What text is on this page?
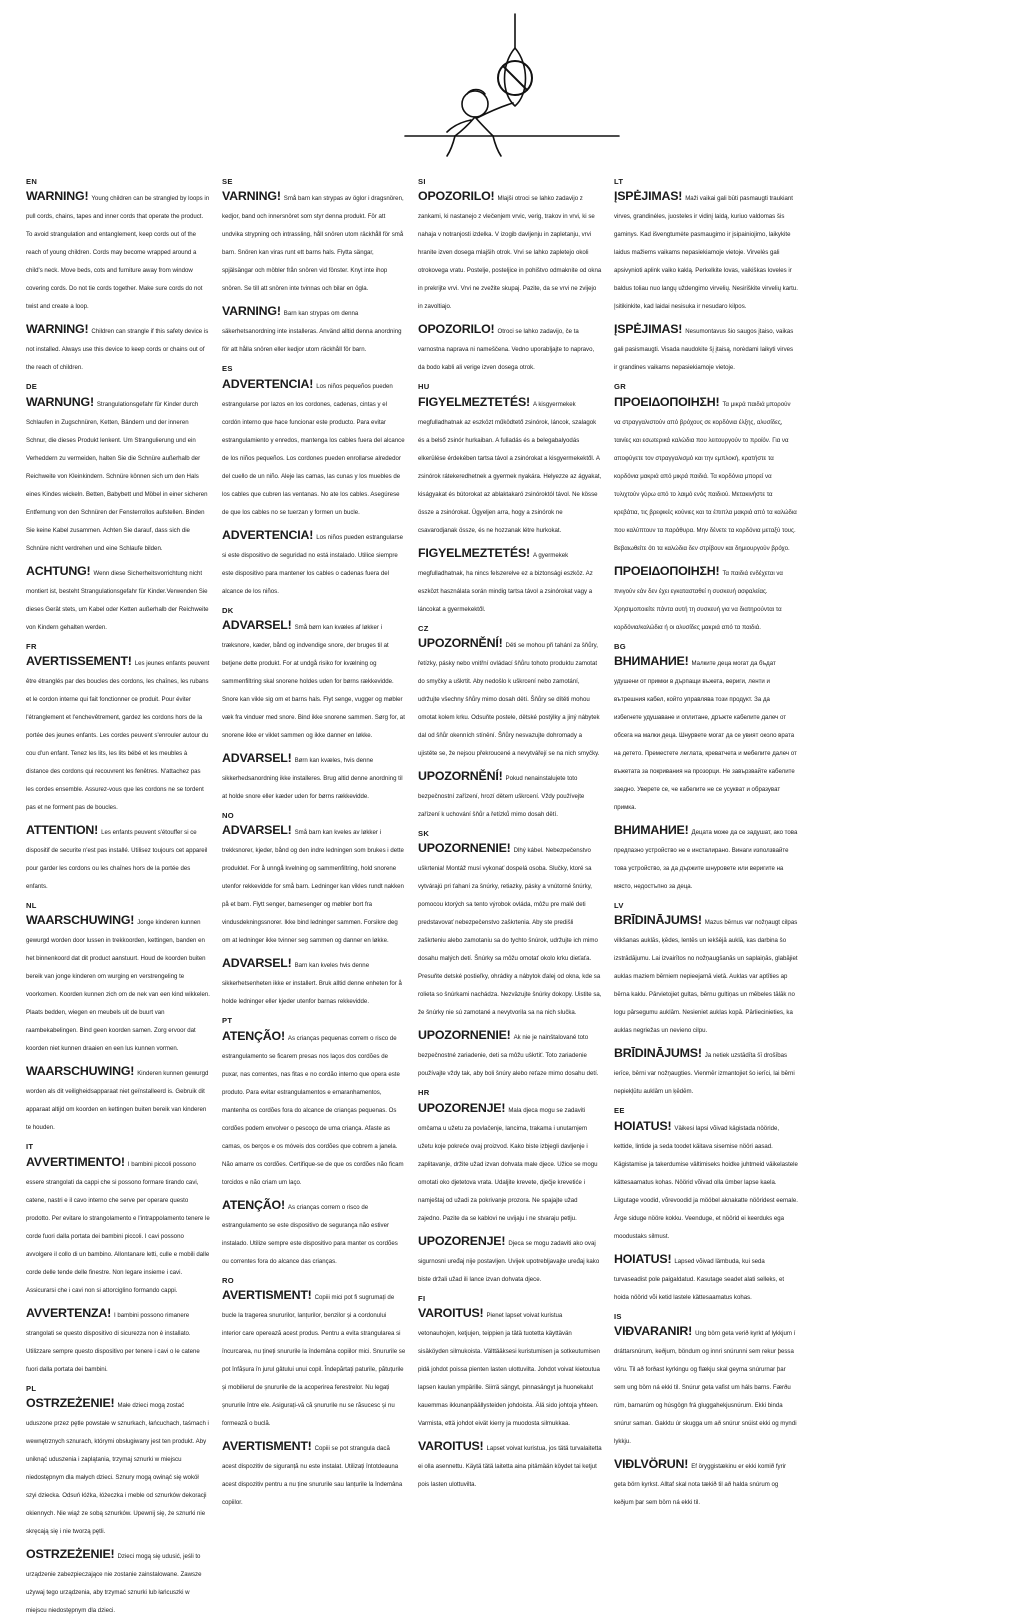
EN
WARNING! Young children can be strangled by loops in pull cords, chains, tapes and inner cords that operate the product. To avoid strangulation and entanglement, keep cords out of the reach of young children. Cords may become wrapped around a child's neck. Move beds, cots and furniture away from window covering cords. Do not tie cords together. Make sure cords do not twist and create a loop.
WARNING! Children can strangle if this safety device is not installed. Always use this device to keep cords or chains out of the reach of children.
DE
WARNUNG! Strangulationsgefahr für Kinder durch Schlaufen in Zugschnüren, Ketten, Bändern und der inneren Schnur, die dieses Produkt lenkent. Um Strangulierung und ein Verheddern zu vermeiden, halten Sie die Schnüre außerhalb der Reichweite von Kleinkindern. Schnüre können sich um den Hals eines Kindes wickeln. Betten, Babybett und Möbel in einer sicheren Entfernung von den Schnüren der Fensterrollos aufstellen. Binden Sie keine Kabel zusammen. Achten Sie darauf, dass sich die Schnüre nicht verdrehen und eine Schlaufe bilden.
ACHTUNG! Wenn diese Sicherheitsvorrichtung nicht montiert ist, besteht Strangulationsgefahr für Kinder.Verwenden Sie dieses Gerät stets, um Kabel oder Ketten außerhalb der Reichweite von Kindern gehalten werden.
FR
AVERTISSEMENT! Les jeunes enfants peuvent être étranglés par des boucles des cordons, les chaînes, les rubans et le cordon interne qui fait fonctionner ce produit. Pour éviter l'étranglement et l'enchevêtrement, gardez les cordons hors de la portée des jeunes enfants. Les cordes peuvent s'enrouler autour du cou d'un enfant. Tenez les lits, les lits bébé et les meubles à distance des cordons qui recouvrent les fenêtres. N'attachez pas les cordes ensemble. Assurez-vous que les cordons ne se tordent pas et ne forment pas de boucles.
ATTENTION! Les enfants peuvent s'étouffer si ce dispositif de securite n'est pas installé. Utilisez toujours cet appareil pour garder les cordons ou les chaînes hors de la portée des enfants.
NL
WAARSCHUWING! Jonge kinderen kunnen gewurgd worden door lussen in trekkoorden, kettingen, banden en het binnenkoord dat dit product aanstuurt. Houd de koorden buiten bereik van jonge kinderen om wurging en verstrengeling te voorkomen. Koorden kunnen zich om de nek van een kind wikkelen. Plaats bedden, wiegen en meubels uit de buurt van raambekabelingen. Bind geen koorden samen. Zorg ervoor dat koorden niet kunnen draaien en een lus kunnen vormen.
WAARSCHUWING! Kinderen kunnen gewurgd worden als dit veiligheidsapparaat niet geïnstalleerd is. Gebruik dit apparaat altijd om koorden en kettingen buiten bereik van kinderen te houden.
IT
AVVERTIMENTO! I bambini piccoli possono essere strangolati da cappi che si possono formare tirando cavi, catene, nastri e il cavo interno che serve per operare questo prodotto. Per evitare lo strangolamento e l'intrappolamento tenere le corde fuori dalla portata dei bambini piccoli. I cavi possono avvolgere il collo di un bambino. Allontanare letti, culle e mobili dalle corde delle tende delle finestre. Non legare insieme i cavi. Assicurarsi che i cavi non si attorciglino formando cappi.
AVVERTENZA! I bambini possono rimanere strangolati se questo dispositivo di sicurezza non è installato. Utilizzare sempre questo dispositivo per tenere i cavi o le catene fuori dalla portata dei bambini.
PL
OSTRZEŻENIE! Małe dzieci mogą zostać uduszone przez pętle powstałe w sznurkach, łańcuchach, taśmach i wewnętrznych sznurach, którymi obsługiwany jest ten produkt. Aby uniknąć uduszenia i zaplątania, trzymaj sznurki w miejscu niedostępnym dla małych dzieci. Sznury mogą owinąć się wokół szyi dziecka. Odsuń łóżka, łóżeczka i meble od sznurków dekoracji okiennych. Nie wiąż ze sobą sznurków. Upewnij się, że sznurki nie skręcają się i nie tworzą pętli.
OSTRZEŻENIE! Dzieci mogą się udusić, jeśli to urządzenie zabezpieczające nie zostanie zainstalowane. Zawsze używaj tego urządzenia, aby trzymać sznurki lub łańcuszki w miejscu niedostępnym dla dzieci.
SE
VARNING! Små barn kan strypas av öglor i dragsnören, kedjor, band och innersnöret som styr denna produkt. För att undvika strypning och intrassling, håll snören utom räckhåll för små barn. Snören kan viras runt ett barns hals. Flytta sängar, spjälsängar och möbler från snören vid fönster. Knyt inte ihop snören. Se till att snören inte tvinnas och bilar en ögla.
VARNING! Barn kan strypas om denna säkerhetsanordning inte installeras. Använd alltid denna anordning för att hålla snören eller kedjor utom räckhåll för barn.
ES
ADVERTENCIA! Los niños pequeños pueden estrangularse por lazos en los cordones, cadenas, cintas y el cordón interno que hace funcionar este producto. Para evitar estrangulamiento y enredos, mantenga los cables fuera del alcance de los niños pequeños. Los cordones pueden enrollarse alrededor del cuello de un niño. Aleje las camas, las cunas y los muebles de los cables que cubren las ventanas. No ate los cables. Asegúrese de que los cables no se tuerzan y formen un bucle.
ADVERTENCIA! Los niños pueden estrangularse si este dispositivo de seguridad no está instalado. Utilice siempre este dispositivo para mantener los cables o cadenas fuera del alcance de los niños.
DK
ADVARSEL! Små børn kan kvæles af løkker i træksnore, kæder, bånd og indvendige snore, der bruges til at betjene dette produkt. For at undgå risiko for kvælning og sammenfiltring skal snorene holdes uden for børns rækkevidde. Snore kan vikle sig om et barns hals. Flyt senge, vugger og møbler væk fra vinduer med snore. Bind ikke snorene sammen. Sørg for, at snorene ikke er viklet sammen og ikke danner en løkke.
ADVARSEL! Børn kan kvæles, hvis denne sikkerhedsanordning ikke installeres. Brug altid denne anordning til at holde snore eller kæder uden for børns rækkevidde.
NO
ADVARSEL! Små barn kan kveles av løkker i trekksnorer, kjeder, bånd og den indre ledningen som brukes i dette produktet. For å unngå kvelning og sammenfiltring, hold snorene utenfor rekkevidde for små barn. Ledninger kan vikles rundt nakken på et barn. Flytt senger, barnesenger og møbler bort fra vindusdekningssnorer. Ikke bind ledninger sammen. Forsikre deg om at ledninger ikke tvinner seg sammen og danner en løkke.
ADVARSEL! Barn kan kveles hvis denne sikkerhetsenheten ikke er installert. Bruk alltid denne enheten for å holde ledninger eller kjeder utenfor barnas rekkevidde.
PT
ATENÇÃO! As crianças pequenas correm o risco de estrangulamento se ficarem presas nos laços dos cordões de puxar, nas correntes, nas fitas e no cordão interno que opera este produto. Para evitar estrangulamentos e emaranhamentos, mantenha os cordões fora do alcance de crianças pequenas. Os cordões podem envolver o pescoço de uma criança. Afaste as camas, os berços e os móveis dos cordões que cobrem a janela. Não amarre os cordões. Certifique-se de que os cordões não ficam torcidos e não criam um laço.
ATENÇÃO! As crianças correm o risco de estrangulamento se este dispositivo de segurança não estiver instalado. Utilize sempre este dispositivo para manter os cordões ou correntes fora do alcance das crianças.
RO
AVERTISMENT! Copiii mici pot fi sugrumați de bucle la tragerea snururilor, lanțurilor, benzilor și a cordonului interior care operează acest produs. Pentru a evita strangularea si încurcarea, nu țineți snururile la îndemâna copiilor mici. Snururile se pot înfășura în jurul gâtului unui copil. Îndepărtați paturile, pătuțurile și mobilierul de șnururile de la acoperirea ferestrelor. Nu legați șnururile între ele. Asigurați-vă că șnururile nu se răsucesc și nu formează o buclă.
AVERTISMENT! Copiii se pot strangula dacă acest dispozitiv de siguranță nu este instalat. Utilizați întotdeauna acest dispozitiv pentru a nu ține snururile sau lanțurile la îndemâna copiilor.
SI
OPOZORILO! Mlajši otroci se lahko zadavijo z zankami, ki nastanejo z vlečenjem vrvic, verig, trakov in vrvi, ki se nahaja v notranjosti izdelka. V izogib davljenju in zapletanju, vrvi hranite izven dosega mlajših otrok. Vrvi se lahko zapletejo okoli otrokovega vratu. Postelje, posteljice in pohištvo odmaknite od okna in prekrijte vrvi. Vrvi ne zvežite skupaj. Pazite, da se vrvi ne zvijejo in zavoltiajo.
OPOZORILO! Otroci se lahko zadavijo, če ta varnostna naprava ni nameščena. Vedno uporabljajte to napravo, da bodo kabli ali verige izven dosega otrok.
HU
FIGYELMEZTETÉS! A kisgyermekek megfulladhatnak az eszközt működtető zsinórok, láncok, szalagok és a belső zsinór hurkaiban. A fulladás és a belegabalyodás elkerülése érdekében tartsa távol a zsinórokat a kisgyermekektől. A zsinórok rátekeredhetnek a gyermek nyakára. Helyezze az ágyakat, kiságyakat és bútorokat az ablaktakaró zsinóroktól távol. Ne kösse össze a zsinórokat. Ügyeljen arra, hogy a zsinórok ne csavarodjanak össze, és ne hozzanak létre hurkokat.
FIGYELMEZTETÉS! A gyermekek megfulladhatnak, ha nincs felszerelve ez a biztonsági eszköz. Az eszközt használata során mindig tartsa távol a zsinórokat vagy a láncokat a gyermekektől.
CZ
UPOZORNĚNÍ! Děti se mohou při tahání za šňůry, řetízky, pásky nebo vnitřní ovládací šňůru tohoto produktu zamotat do smyčky a uškrtit. Aby nedošlo k uškrcení nebo zamotání, udržujte všechny šňůry mimo dosah dětí. Šňůry se dítěti mohou omotat kolem krku. Odsuňte postele, dětské postýlky a jiný nábytek dal od šňůr okenních stínění. Šňůry nesvazujte dohromady a ujistěte se, že nejsou překroucené a nevytvářejí se na nich smyčky.
UPOZORNĚNÍ! Pokud nenainstalujete toto bezpečnostní zařízení, hrozí dětem uškrcení. Vždy používejte zařízení k uchování šňůr a řetízků mimo dosah dětí.
SK
UPOZORNENIE! Dlhý kábel. Nebezpečenstvo uškrtenia! Montáž musí vykonať dospelá osoba. Slučky, ktoré sa vytvárajú pri ťahaní za šnúrky, retiazky, pásky a vnútorné šnúrky, pomocou ktorých sa tento výrobok ovláda, môžu pre malé deti predstavovať nebezpečenstvo zaškrtenia. Aby ste predišli zaškrteniu alebo zamotaniu sa do tychto šnúrok, udržujte ich mimo dosahu malých detí. Šnúrky sa môžu omotať okolo krku dieťaťa. Presuňte detské postieľky, ohrádky a nábytok ďalej od okna, kde sa rolieta so šnúrkami nachádza. Nezväzujte šnúrky dokopy. Uistite sa, že šnúrky nie sú zamotané a nevytvorila sa na nich slučka.
UPOZORNENIE! Ak nie je nainštalované toto bezpečnostné zariadenie, deti sa môžu uškrtiť. Toto zariadenie používajte vždy tak, aby boli šnúry alebo reťaze mimo dosahu detí.
HR
UPOZORENJE! Mala djeca mogu se zadaviti omčama u užetu za povlačenje, lancima, trakama i unutarnjem užetu koje pokreće ovaj proizvod. Kako biste izbjegli davljenje i zaplitavanje, držite užad izvan dohvata male djece. Užice se mogu omotati oko djetetova vrata. Udaljite krevete, dječje krevetiće i namještaj od užadi za pokrivanje prozora. Ne spajajte užad zajedno. Pazite da se kablovi ne uvijaju i ne stvaraju petlju.
UPOZORENJE! Djeca se mogu zadaviti ako ovaj sigurnosni uređaj nije postavljen. Uvijek upotrebljavajte uređaj kako biste držali užad ili lance izvan dohvata djece.
FI
VAROITUS! Pienet lapset voivat kuristua vetonauhojen, ketjujen, teippien ja tätä tuotetta käyttävän sisäköyden silmukoista. Välttääksesi kuristumisen ja sotkeutumisen pidä johdot poissa pienten lasten ulottuvilta. Johdot voivat kietoutua lapsen kaulan ympärille. Siirrä sängyt, pinnasängyt ja huonekalut kauemmas ikkunanpäällysteiden johdoista. Älä sido johtoja yhteen. Varmista, että johdot eivät kierry ja muodosta silmukkaa.
VAROITUS! Lapset voivat kuristua, jos tätä turvalaitetta ei olla asennettu. Käytä tätä laitetta aina pitämään köydet tai ketjut pois lasten ulottuvilta.
LT
ĮSPĖJIMAS! Maži vaikai gali būti pasmaugti traukiant virves, grandinėles, juosteles ir vidinį laidą, kuriuo valdomas šis gaminys. Kad išvengtumėte pasmaugimo ir įsipainiojimo, laikykite laidus mažiems vaikams nepasiekiamoje vietoje. Virvelės gali apsivynioti aplink vaiko kaklą. Perkelkite lovas, vaikiškas loveles ir baldus toliau nuo langų uždengimo virvelių. Nesiriškite virvelių kartu. Įsitikinkite, kad laidai nesisuka ir nesudaro kilpos.
ĮSPĖJIMAS! Nesumontavus šio saugos įtaiso, vaikas gali pasismaugti. Visada naudokite šį įtaisą, norėdami laikyti virves ir grandines vaikams nepasiekiamoje vietoje.
GR
ΠΡΟΕΙΔΟΠΟΙΗΣΗ! Τα μικρά παιδιά μπορούν να στραγγαλιστούν από βρόχους σε κορδόνια έλξης, αλυσίδες, ταινίες και εσωτερικά καλώδια που λειτουργούν το προϊόν. Για να αποφύγετε τον στραγγαλισμό και την εμπλοκή, κρατήστε τα κορδόνια μακριά από μικρά παιδιά. Τα κορδόνια μπορεί να τυλιχτούν γύρω από το λαιμό ενός παιδιού. Μετακινήστε τα κρεβάτια, τις βρεφικές κούνιες και τα έπιπλα μακριά από τα καλώδια που καλύπτουν τα παράθυρα. Μην δένετε τα κορδόνια μεταξύ τους. Βεβαιωθείτε ότι τα καλώδια δεν στρίβουν και δημιουργούν βρόχο.
ΠΡΟΕΙΔΟΠΟΙΗΣΗ! Τα παιδιά ενδέχεται να πνιγούν εάν δεν έχει εγκατασταθεί η συσκευή ασφαλείας. Χρησιμοποιείτε πάντα αυτή τη συσκευή για να διατηρούνται τα κορδόνια/καλώδια ή οι αλυσίδες μακριά από τα παιδιά.
BG
ВНИМАНИЕ! Малките деца могат да бъдат удушени от примки в дърпащи въжета, вериги, ленти и вътрешния кабел, който управлява този продукт. За да избегнете удушаване и оплитане, дръжте кабелите далеч от обсега на малки деца. Шнурвете могат да се увият около врата на детето. Преместете леглата, креватчета и мебелите далеч от въжетата за покривания на прозорци. Не завързвайте кабелите заедно. Уверете се, че кабелите не се усукват и образуват примка.
ВНИМАНИЕ! Децата може да се задушат, ако това предпазно устройство не е инсталирано. Винаги използвайте това устройство, за да държите шнуровете или веригите на място, недостъпно за деца.
LV
BRĪDINĀJUMS! Mazus bērnus var nožņaugt cilpas vilkšanas auklās, ķēdes, lentēs un iekšējā auklā, kas darbina šo izstrādājumu. Lai izvairītos no nožņaugšanās un saplaiņās, glabājiet auklas maziem bērniem nepieejamā vietā. Auklas var aptīties ap bērna kaklu. Pārvietojiet gultas, bērnu gultiņas un mēbeles tālāk no logu pārsegumu auklām. Nesieniet auklas kopā. Pārliecinieties, ka auklas negriežas un nevieno cilpu.
BRĪDINĀJUMS! Ja netiek uzstādīta šī drošības ierīce, bērni var nožņaugties. Vienmēr izmantojiet šo ierīci, lai bērni nepiekļūtu auklām un ķēdēm.
EE
HOIATUS! Väikesi lapsi võivad kägistada nööride, kettide, lintide ja seda toodet käitava sisemise nööri aasad. Kägistamise ja takerdumise vältimiseks hoidke juhtmeid väikelastele kättesaamatus kohas. Nöörid võivad olla ümber lapse kaela. Liigutage voodid, võrevoodid ja mööbel aknakatte nööridest eemale. Ärge siduge nööre kokku. Veenduge, et nöörid ei keerduks ega moodustaks silmust.
HOIATUS! Lapsed võivad lämbuda, kui seda turvaseadist pole paigaldatud. Kasutage seadet alati selleks, et hoida nöörid või ketid lastele kättesaamatus kohas.
IS
VIÐVARANIR! Ung börn geta verið kyrkt af lykkjum í dráttarsnúrum, keðjum, böndum og innri snúrunni sem rekur þessa vöru. Til að forðast kyrkingu og flækju skal geyma snúrurnar þar sem ung börn ná ekki til. Snúrur geta vafist um háls barns. Færðu rúm, barnarúm og húsgögn frá gluggahekjusnúrum. Ekki binda snúrur saman. Gakktu úr skugga um að snúrur snúist ekki og myndi lykkju.
VIÐLVÖRUN! Ef öryggistækinu er ekki komið fyrir geta börn kyrkst. Alltaf skal nota tækið til að halda snúrum og keðjum þar sem börn ná ekki til.
